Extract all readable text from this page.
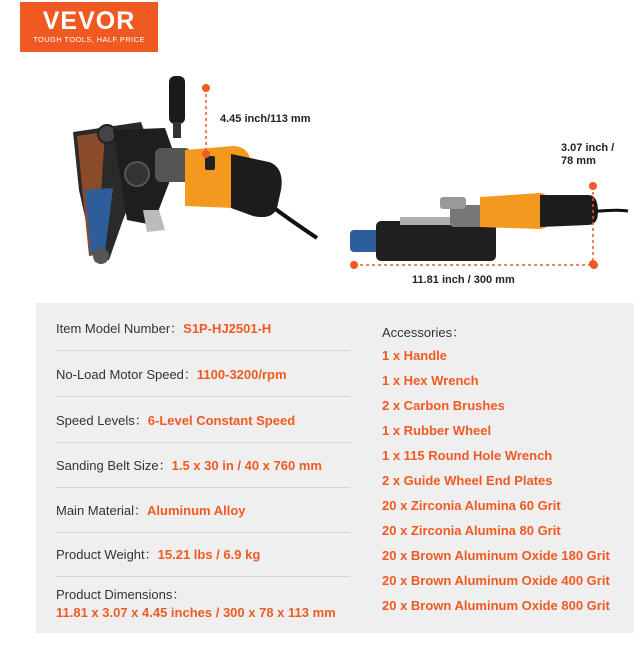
VEVOR
TOUGH TOOLS, HALF PRICE
4.45 inch/113 mm
3.07 inch /
78 mm
11.81 inch / 300 mm
Item Model Number：S1P-HJ2501-H
No-Load Motor Speed：1100-3200/rpm
Speed Levels：6-Level Constant Speed
Sanding Belt Size：1.5 x 30 in / 40 x 760 mm
Main Material：Aluminum Alloy
Product Weight：15.21 lbs / 6.9 kg
Product Dimensions：
11.81 x 3.07 x 4.45 inches / 300 x 78 x 113 mm
Accessories：
1 x Handle
1 x Hex Wrench
2 x Carbon Brushes
1 x Rubber Wheel
1 x 115 Round Hole Wrench
2 x Guide Wheel End Plates
20 x Zirconia Alumina 60 Grit
20 x Zirconia Alumina 80 Grit
20 x Brown Aluminum Oxide 180 Grit
20 x Brown Aluminum Oxide 400 Grit
20 x Brown Aluminum Oxide 800 Grit
